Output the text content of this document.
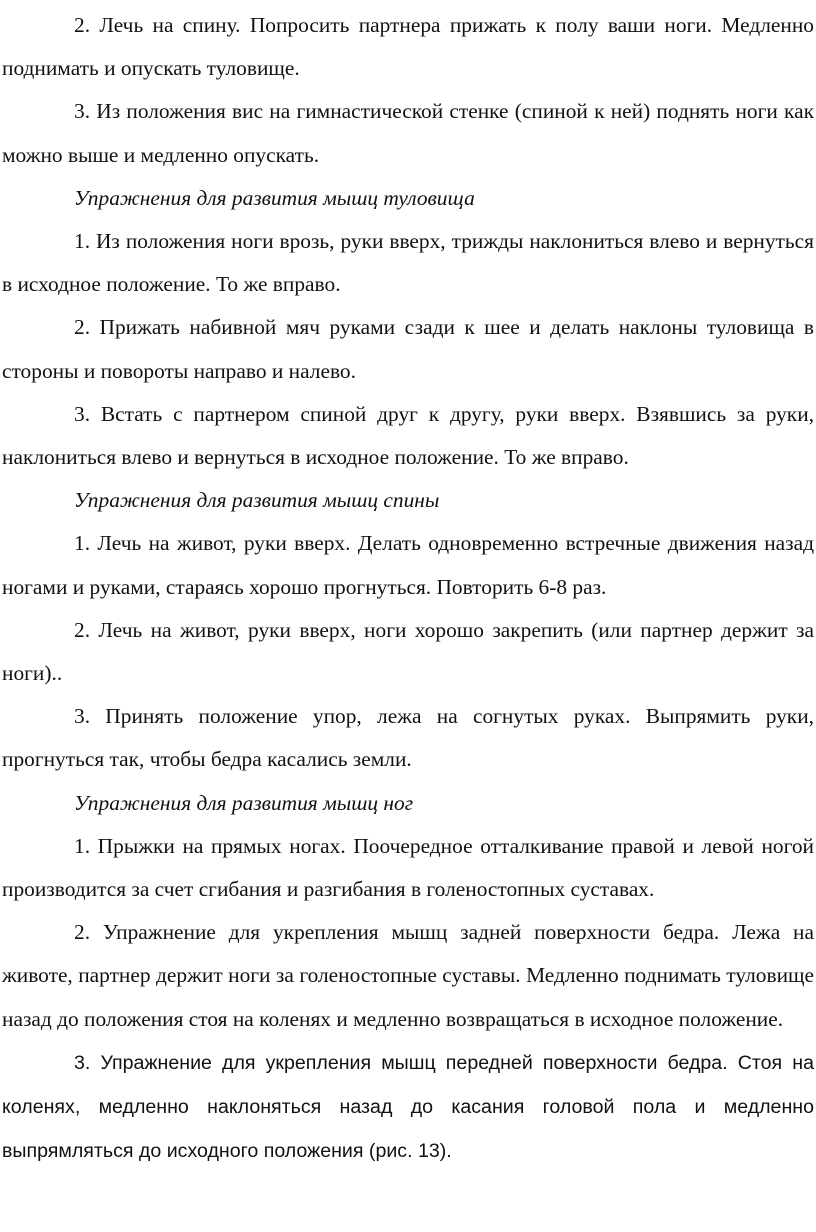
2. Лечь на спину. Попросить партнера прижать к полу ваши ноги. Медленно поднимать и опускать туловище.

3. Из положения вис на гимнастической стенке (спиной к ней) поднять ноги как можно выше и медленно опускать.

Упражнения для развития мышц туловища

1. Из положения ноги врозь, руки вверх, трижды наклониться влево и вернуться в исходное положение. То же вправо.

2. Прижать набивной мяч руками сзади к шее и делать наклоны туловища в стороны и повороты направо и налево.

3. Встать с партнером спиной друг к другу, руки вверх. Взявшись за руки, наклониться влево и вернуться в исходное положение. То же вправо.

Упражнения для развития мышц спины

1. Лечь на живот, руки вверх. Делать одновременно встречные движения назад ногами и руками, стараясь хорошо прогнуться. Повторить 6-8 раз.

2. Лечь на живот, руки вверх, ноги хорошо закрепить (или партнер держит за ноги)..

3. Принять положение упор, лежа на согнутых руках. Выпрямить руки, прогнуться так, чтобы бедра касались земли.

Упражнения для развития мышц ног

1. Прыжки на прямых ногах. Поочередное отталкивание правой и левой ногой производится за счет сгибания и разгибания в голеностопных суставах.

2. Упражнение для укрепления мышц задней поверхности бедра. Лежа на животе, партнер держит ноги за голеностопные суставы. Медленно поднимать туловище назад до положения стоя на коленях и медленно возвращаться в исходное положение.

3. Упражнение для укрепления мышц передней поверхности бедра. Стоя на коленях, медленно наклоняться назад до касания головой пола и медленно выпрямляться до исходного положения (рис. 13).
